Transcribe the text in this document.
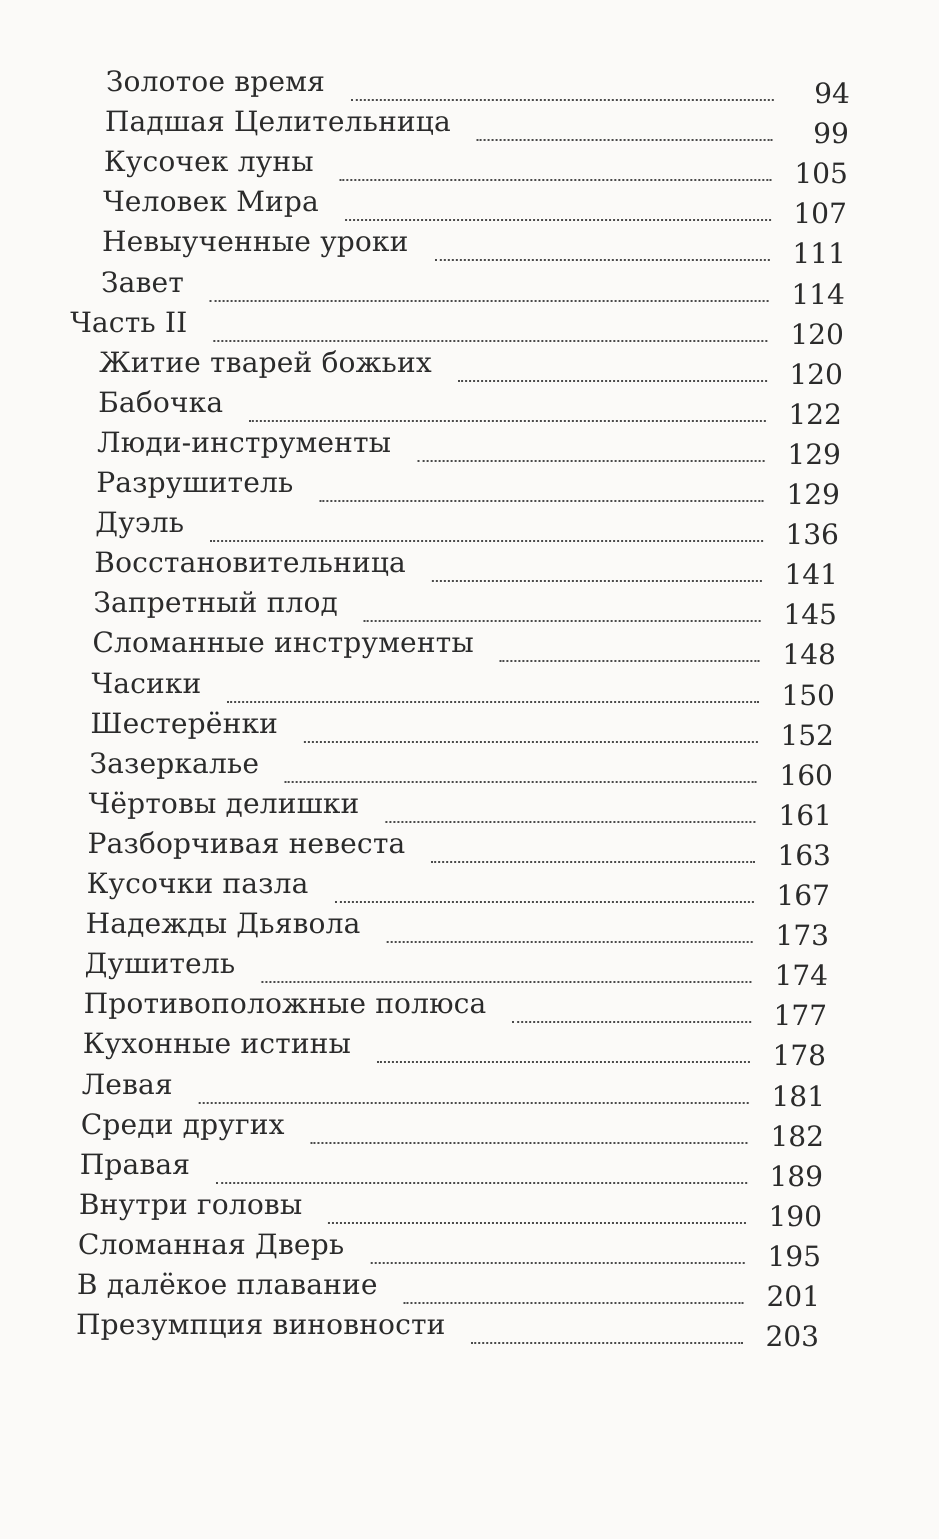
Золотое время	94
Падшая Целительница	99
Кусочек луны	105
Человек Мира	107
Невыученные уроки	111
Завет	114
Часть II	120
Житие тварей божьих	120
Бабочка	122
Люди-инструменты	129
Разрушитель	129
Дуэль	136
Восстановительница	141
Запретный плод	145
Сломанные инструменты	148
Часики	150
Шестерёнки	152
Зазеркалье	160
Чёртовы делишки	161
Разборчивая невеста	163
Кусочки пазла	167
Надежды Дьявола	173
Душитель	174
Противоположные полюса	177
Кухонные истины	178
Левая	181
Среди других	182
Правая	189
Внутри головы	190
Сломанная Дверь	195
В далёкое плавание	201
Презумпция виновности	203
